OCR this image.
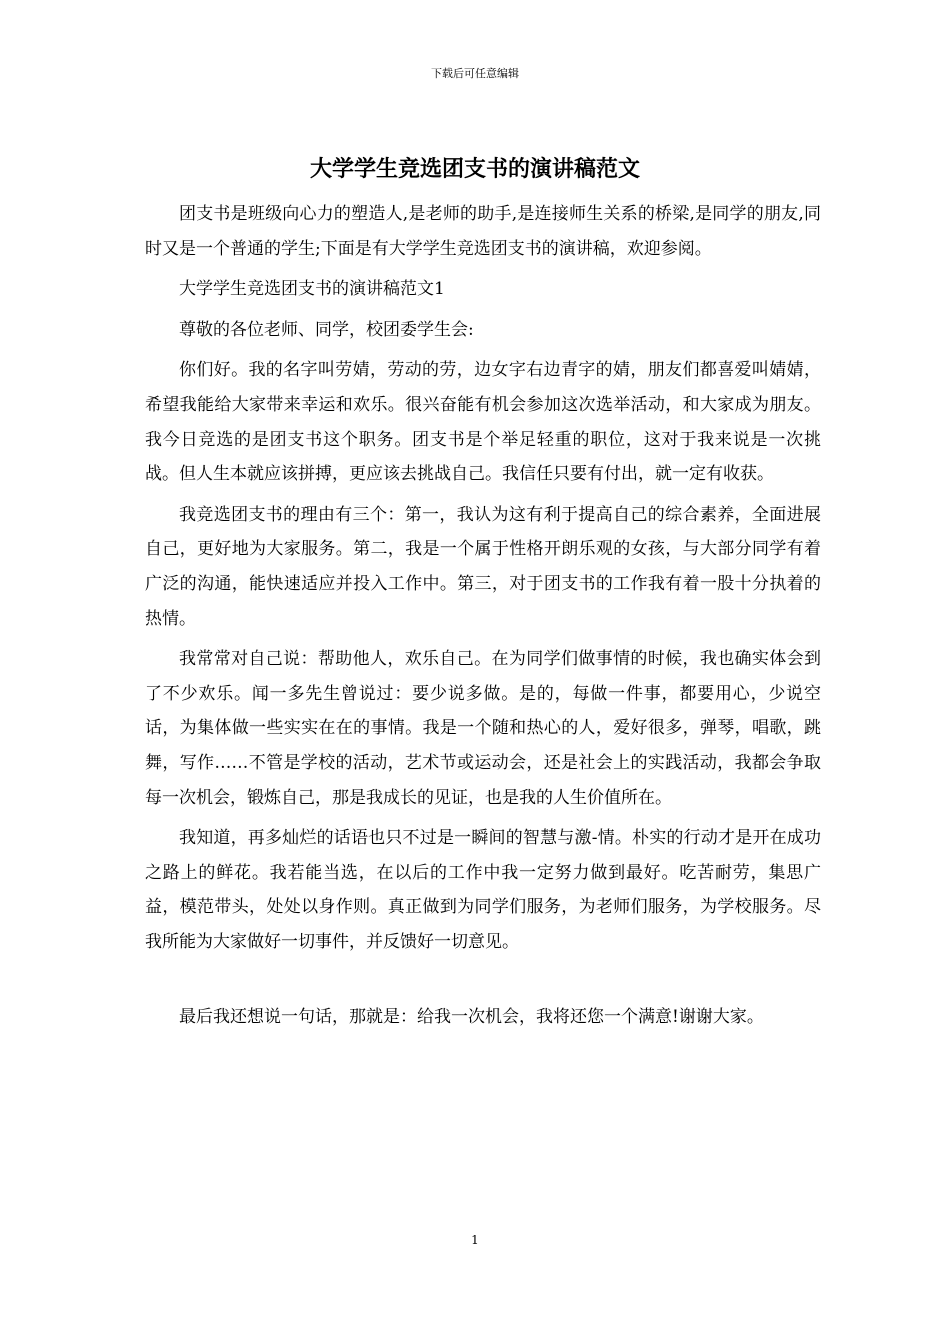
下载后可任意编辑
大学学生竞选团支书的演讲稿范文

团支书是班级向心力的塑造人,是老师的助手,是连接师生关系的桥梁,是同学的朋友,同时又是一个普通的学生;下面是有大学学生竞选团支书的演讲稿，欢迎参阅。

大学学生竞选团支书的演讲稿范文1

尊敬的各位老师、同学，校团委学生会:

你们好。我的名字叫劳婧，劳动的劳，边女字右边青字的婧，朋友们都喜爱叫婧婧，希望我能给大家带来幸运和欢乐。很兴奋能有机会参加这次选举活动，和大家成为朋友。我今日竞选的是团支书这个职务。团支书是个举足轻重的职位，这对于我来说是一次挑战。但人生本就应该拼搏，更应该去挑战自己。我信任只要有付出，就一定有收获。

我竞选团支书的理由有三个：第一，我认为这有利于提高自己的综合素养，全面进展自己，更好地为大家服务。第二，我是一个属于性格开朗乐观的女孩，与大部分同学有着广泛的沟通，能快速适应并投入工作中。第三，对于团支书的工作我有着一股十分执着的热情。

我常常对自己说：帮助他人，欢乐自己。在为同学们做事情的时候，我也确实体会到了不少欢乐。闻一多先生曾说过：要少说多做。是的，每做一件事，都要用心，少说空话，为集体做一些实实在在的事情。我是一个随和热心的人，爱好很多，弹琴，唱歌，跳舞，写作……不管是学校的活动，艺术节或运动会，还是社会上的实践活动，我都会争取每一次机会，锻炼自己，那是我成长的见证，也是我的人生价值所在。

我知道，再多灿烂的话语也只不过是一瞬间的智慧与激-情。朴实的行动才是开在成功之路上的鲜花。我若能当选，在以后的工作中我一定努力做到最好。吃苦耐劳，集思广益，模范带头，处处以身作则。真正做到为同学们服务，为老师们服务，为学校服务。尽我所能为大家做好一切事件，并反馈好一切意见。

最后我还想说一句话，那就是：给我一次机会，我将还您一个满意!谢谢大家。

1
